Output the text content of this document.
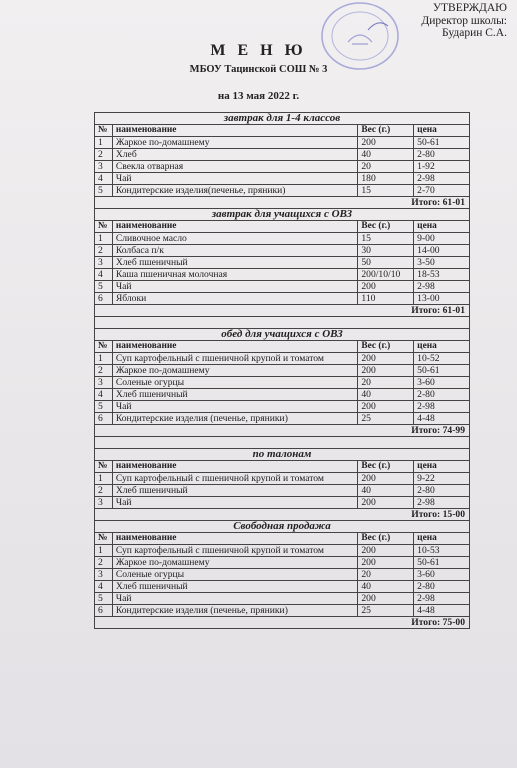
УТВЕРЖДАЮ
Директор школы:
Бударин С.А.
М Е Н Ю
МБОУ Тацинской СОШ № 3
на 13 мая 2022 г.
завтрак для 1-4 классов			
№	наименование	Вес (г.)	цена
1	Жаркое по-домашнему	200	50-61
2	Хлеб	40	2-80
3	Свекла отварная	20	1-92
4	Чай	180	2-98
5	Кондитерские изделия(печенье, пряники)	15	2-70
Итого: 61-01			
завтрак для учащихся с ОВЗ			
№	наименование	Вес (г.)	цена
1	Сливочное масло	15	9-00
2	Колбаса п/к	30	14-00
3	Хлеб пшеничный	50	3-50
4	Каша пшеничная молочная	200/10/10	18-53
5	Чай	200	2-98
6	Яблоки	110	13-00
Итого: 61-01			

обед для учащихся с ОВЗ			
№	наименование	Вес (г.)	цена
1	Суп картофельный с пшеничной крупой и томатом	200	10-52
2	Жаркое по-домашнему	200	50-61
3	Соленые огурцы	20	3-60
4	Хлеб пшеничный	40	2-80
5	Чай	200	2-98
6	Кондитерские изделия (печенье, пряники)	25	4-48
Итого: 74-99			

по талонам			
№	наименование	Вес (г.)	цена
1	Суп картофельный с пшеничной крупой и томатом	200	9-22
2	Хлеб пшеничный	40	2-80
3	Чай	200	2-98
Итого: 15-00			
Свободная продажа			
№	наименование	Вес (г.)	цена
1	Суп картофельный с пшеничной крупой и томатом	200	10-53
2	Жаркое по-домашнему	200	50-61
3	Соленые огурцы	20	3-60
4	Хлеб пшеничный	40	2-80
5	Чай	200	2-98
6	Кондитерские изделия (печенье, пряники)	25	4-48
Итого: 75-00			
